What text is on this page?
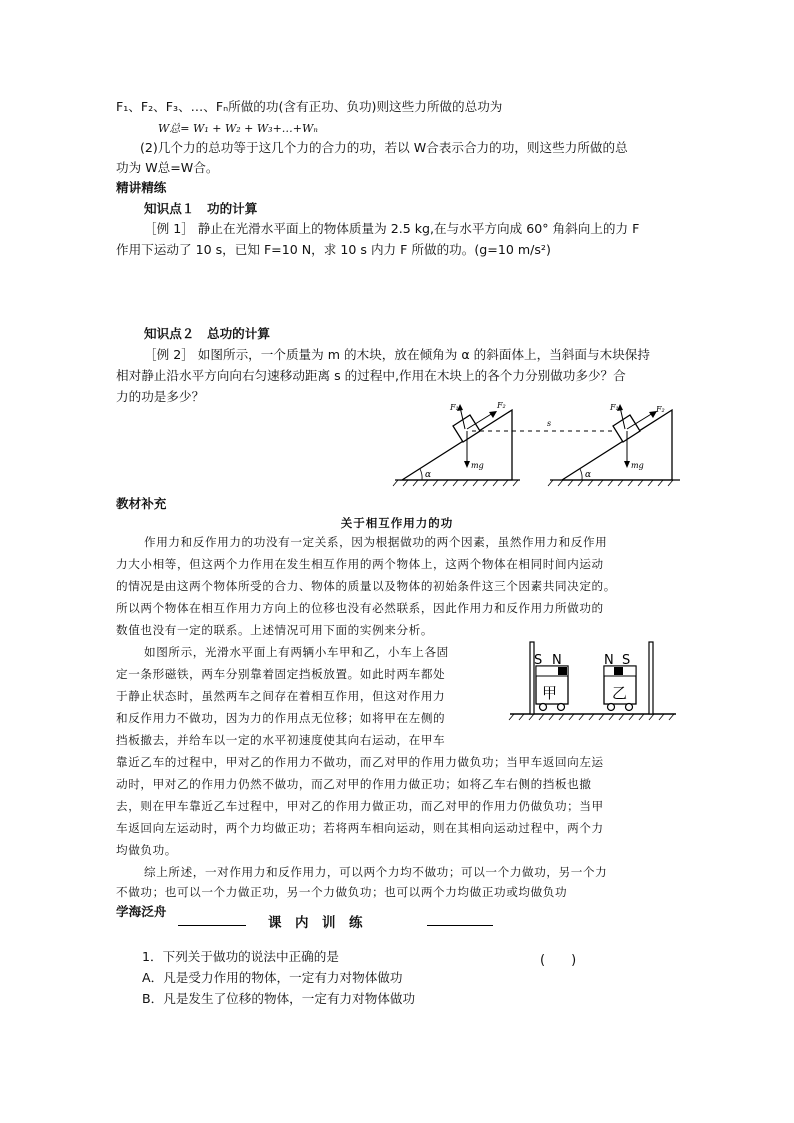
F₁、F₂、F₃、…、Fₙ所做的功(含有正功、负功)则这些力所做的总功为
W总= W₁ + W₂ + W₃+…+Wₙ
(2)几个力的总功等于这几个力的合力的功，若以 W合表示合力的功，则这些力所做的总
功为 W总=W合。
精讲精练
知识点１　功的计算
［例 1］ 静止在光滑水平面上的物体质量为 2.5 kg,在与水平方向成 60° 角斜向上的力 F
作用下运动了 10 s，已知 F=10 N，求 10 s 内力 F 所做的功。(g=10 m/s²)
知识点２　总功的计算
［例 2］ 如图所示，一个质量为 m 的木块，放在倾角为 α 的斜面体上，当斜面与木块保持
相对静止沿水平方向向右匀速移动距离 s 的过程中,作用在木块上的各个力分别做功多少？合
力的功是多少？
α
F₁	F₂
mg
s
α
F₁	F₂
mg
教材补充
关于相互作用力的功
作用力和反作用力的功没有一定关系，因为根据做功的两个因素，虽然作用力和反作用
力大小相等，但这两个力作用在发生相互作用的两个物体上，这两个物体在相同时间内运动
的情况是由这两个物体所受的合力、物体的质量以及物体的初始条件这三个因素共同决定的。
所以两个物体在相互作用力方向上的位移也没有必然联系，因此作用力和反作用力所做功的
数值也没有一定的联系。上述情况可用下面的实例来分析。
如图所示，光滑水平面上有两辆小车甲和乙，小车上各固
定一条形磁铁，两车分别靠着固定挡板放置。如此时两车都处
于静止状态时，虽然两车之间存在着相互作用，但这对作用力
和反作用力不做功，因为力的作用点无位移；如将甲在左侧的
挡板撤去，并给车以一定的水平初速度使其向右运动，在甲车
靠近乙车的过程中，甲对乙的作用力不做功，而乙对甲的作用力做负功；当甲车返回向左运
动时，甲对乙的作用力仍然不做功，而乙对甲的作用力做正功；如将乙车右侧的挡板也撤
去，则在甲车靠近乙车过程中，甲对乙的作用力做正功，而乙对甲的作用力仍做负功；当甲
车返回向左运动时，两个力均做正功；若将两车相向运动，则在其相向运动过程中，两个力
均做负功。
综上所述，一对作用力和反作用力，可以两个力均不做功；可以一个力做功，另一个力
不做功；也可以一个力做正功，另一个力做负功；也可以两个力均做正功或均做负功
S N
甲
N S
乙
学海泛舟
课　内　训　练
1．下列关于做功的说法中正确的是	(　　)
A．凡是受力作用的物体，一定有力对物体做功
B．凡是发生了位移的物体，一定有力对物体做功
